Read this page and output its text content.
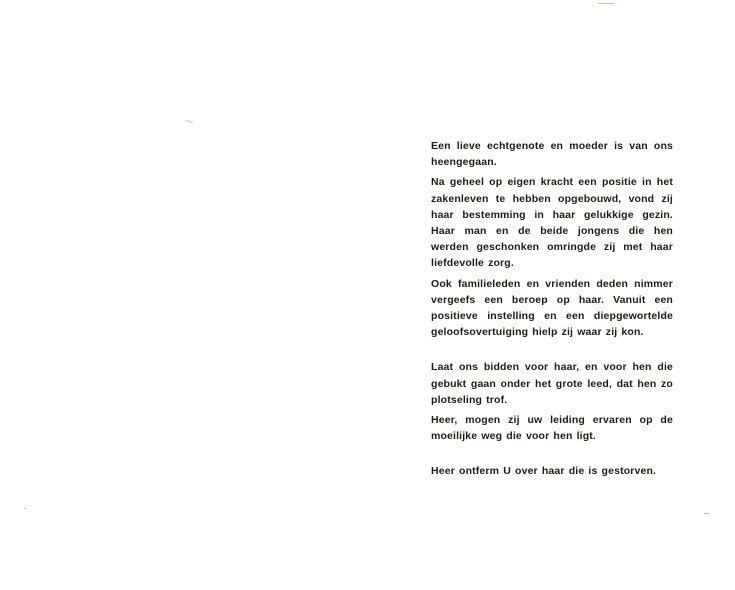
Een lieve echtgenote en moeder is van ons heengegaan.

Na geheel op eigen kracht een positie in het zakenleven te hebben opgebouwd, vond zij haar bestemming in haar gelukkige gezin. Haar man en de beide jongens die hen werden geschonken omringde zij met haar liefdevolle zorg.

Ook familieleden en vrienden deden nimmer vergeefs een beroep op haar. Vanuit een positieve instelling en een diepgewortelde geloofsovertuiging hielp zij waar zij kon.

Laat ons bidden voor haar, en voor hen die gebukt gaan onder het grote leed, dat hen zo plotseling trof.

Heer, mogen zij uw leiding ervaren op de moeilijke weg die voor hen ligt.

Heer ontferm U over haar die is gestorven.
